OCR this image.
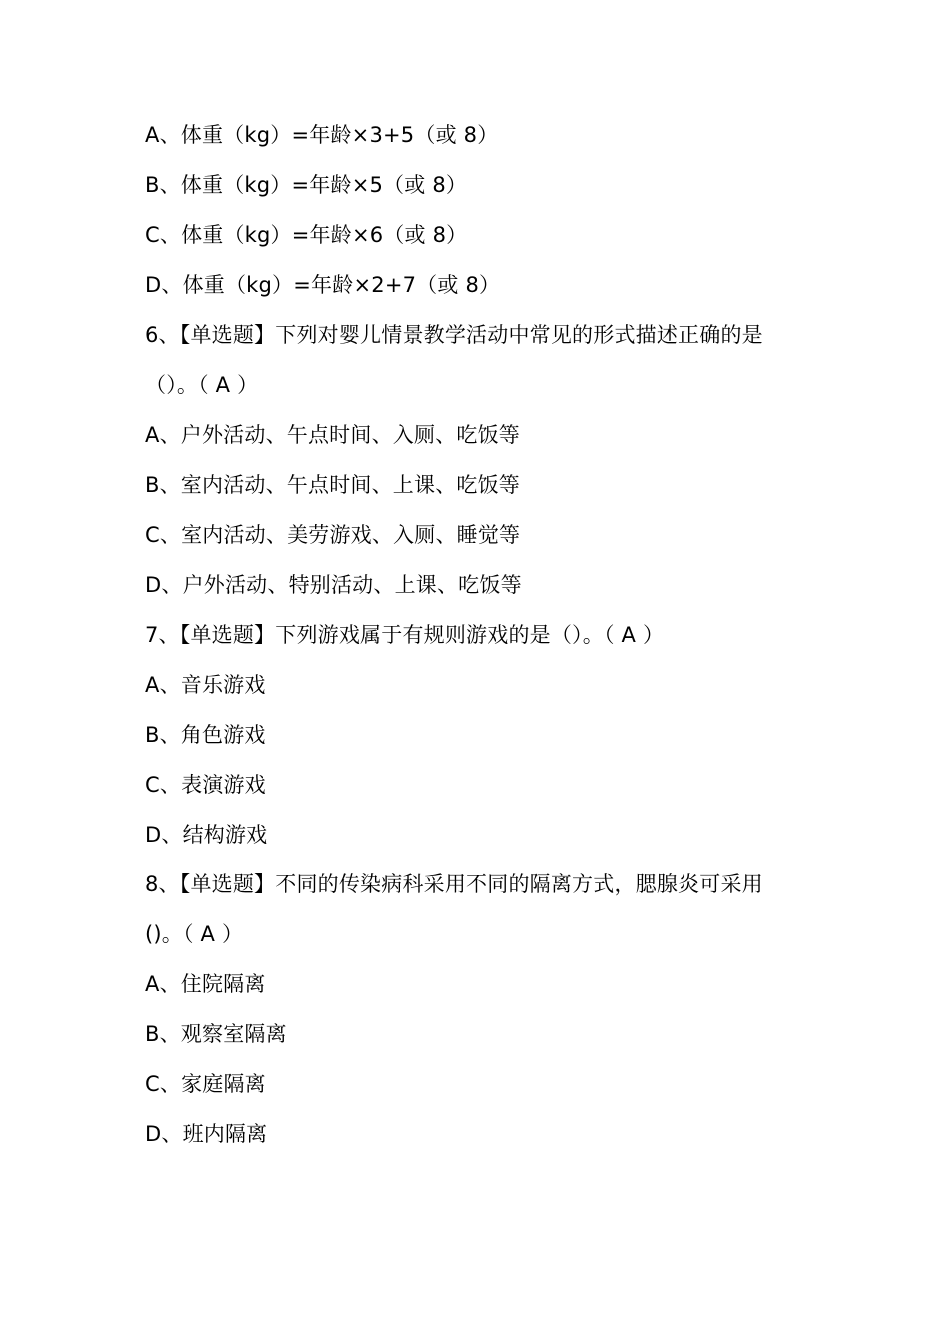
A、体重（kg）=年龄×3+5（或 8）
B、体重（kg）=年龄×5（或 8）
C、体重（kg）=年龄×6（或 8）
D、体重（kg）=年龄×2+7（或 8）
6、【单选题】下列对婴儿情景教学活动中常见的形式描述正确的是
（）。（ A ）
A、户外活动、午点时间、入厕、吃饭等
B、室内活动、午点时间、上课、吃饭等
C、室内活动、美劳游戏、入厕、睡觉等
D、户外活动、特别活动、上课、吃饭等
7、【单选题】下列游戏属于有规则游戏的是（）。（ A ）
A、音乐游戏
B、角色游戏
C、表演游戏
D、结构游戏
8、【单选题】不同的传染病科采用不同的隔离方式，腮腺炎可采用
()。（ A ）
A、住院隔离
B、观察室隔离
C、家庭隔离
D、班内隔离
